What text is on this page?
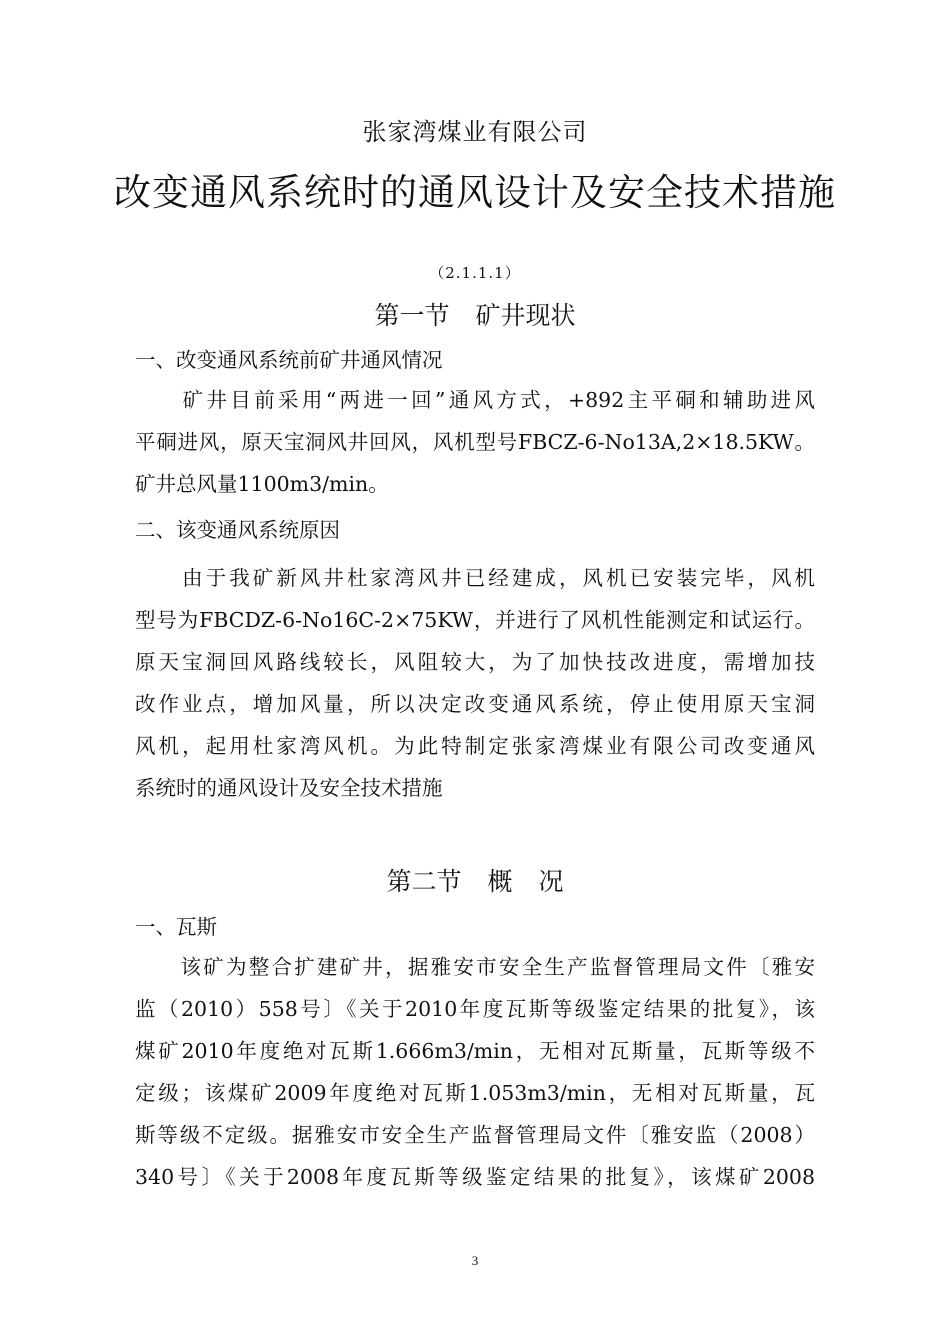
张家湾煤业有限公司
改变通风系统时的通风设计及安全技术措施
（2.1.1.1）
第一节 矿井现状
一、改变通风系统前矿井通风情况
　　矿井目前采用“两进一回”通风方式，+892主平硐和辅助进风
平硐进风，原天宝洞风井回风，风机型号FBCZ-6-No13A,2×18.5KW。
矿井总风量1100m3/min。
二、该变通风系统原因
　　由于我矿新风井杜家湾风井已经建成，风机已安装完毕，风机
型号为FBCDZ-6-No16C-2×75KW，并进行了风机性能测定和试运行。
原天宝洞回风路线较长，风阻较大，为了加快技改进度，需增加技
改作业点，增加风量，所以决定改变通风系统，停止使用原天宝洞
风机，起用杜家湾风机。为此特制定张家湾煤业有限公司改变通风
系统时的通风设计及安全技术措施
第二节 概 况
一、瓦斯
　　该矿为整合扩建矿井，据雅安市安全生产监督管理局文件〔雅安
监（2010）558号〕《关于2010年度瓦斯等级鉴定结果的批复》，该
煤矿2010年度绝对瓦斯1.666m3/min，无相对瓦斯量，瓦斯等级不
定级；该煤矿2009年度绝对瓦斯1.053m3/min，无相对瓦斯量，瓦
斯等级不定级。据雅安市安全生产监督管理局文件〔雅安监（2008）
340号〕《关于2008年度瓦斯等级鉴定结果的批复》，该煤矿2008
3
